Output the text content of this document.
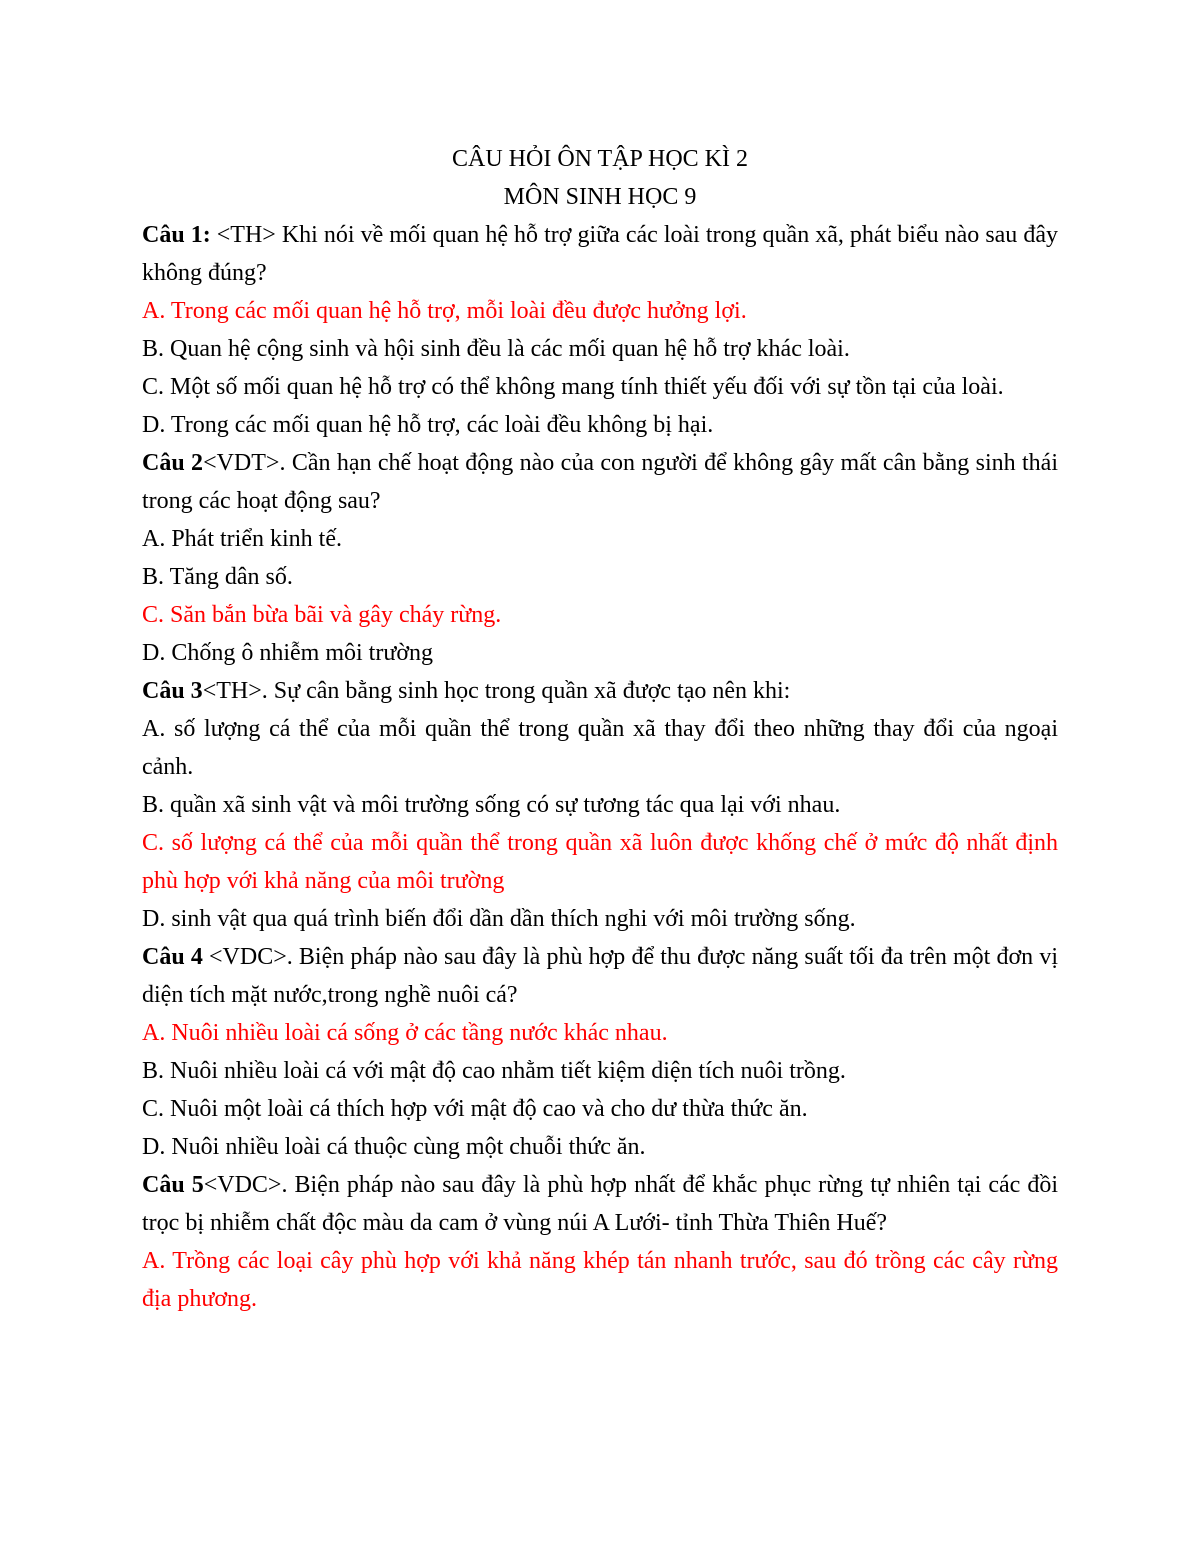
CÂU HỎI ÔN TẬP HỌC KÌ 2

MÔN SINH HỌC 9

Câu 1: <TH> Khi nói về mối quan hệ hỗ trợ giữa các loài trong quần xã, phát biểu nào sau đây không đúng?

A. Trong các mối quan hệ hỗ trợ, mỗi loài đều được hưởng lợi.

B. Quan hệ cộng sinh và hội sinh đều là các mối quan hệ hỗ trợ khác loài.

C. Một số mối quan hệ hỗ trợ có thể không mang tính thiết yếu đối với sự tồn tại của loài.

D. Trong các mối quan hệ hỗ trợ, các loài đều không bị hại.

Câu 2<VDT>. Cần hạn chế hoạt động nào của con người để không gây mất cân bằng sinh thái trong các hoạt động sau?

A. Phát triển kinh tế.

B. Tăng dân số.

C. Săn bắn bừa bãi và gây cháy rừng.

D. Chống ô nhiễm môi trường

Câu 3<TH>. Sự cân bằng sinh học trong quần xã được tạo nên khi:

A. số lượng cá thể của mỗi quần thể trong quần xã thay đổi theo những thay đổi của ngoại cảnh.

B. quần xã sinh vật và môi trường sống có sự tương tác qua lại với nhau.

C. số lượng cá thể của mỗi quần thể trong quần xã luôn được khống chế ở mức độ nhất định phù hợp với khả năng của môi trường

D. sinh vật qua quá trình biến đổi dần dần thích nghi với môi trường sống.

Câu 4 <VDC>. Biện pháp nào sau đây là phù hợp để thu được năng suất tối đa trên một đơn vị diện tích mặt nước,trong nghề nuôi cá?

A. Nuôi nhiều loài cá sống ở các tầng nước khác nhau.

B. Nuôi nhiều loài cá với mật độ cao nhằm tiết kiệm diện tích nuôi trồng.

C. Nuôi một loài cá thích hợp với mật độ cao và cho dư thừa thức ăn.

D. Nuôi nhiều loài cá thuộc cùng một chuỗi thức ăn.

Câu 5<VDC>. Biện pháp nào sau đây là phù hợp nhất để khắc phục rừng tự nhiên tại các đồi trọc bị nhiễm chất độc màu da cam ở vùng núi A Lưới- tỉnh Thừa Thiên Huế?

A. Trồng các loại cây phù hợp với khả năng khép tán nhanh trước, sau đó trồng các cây rừng địa phương.
